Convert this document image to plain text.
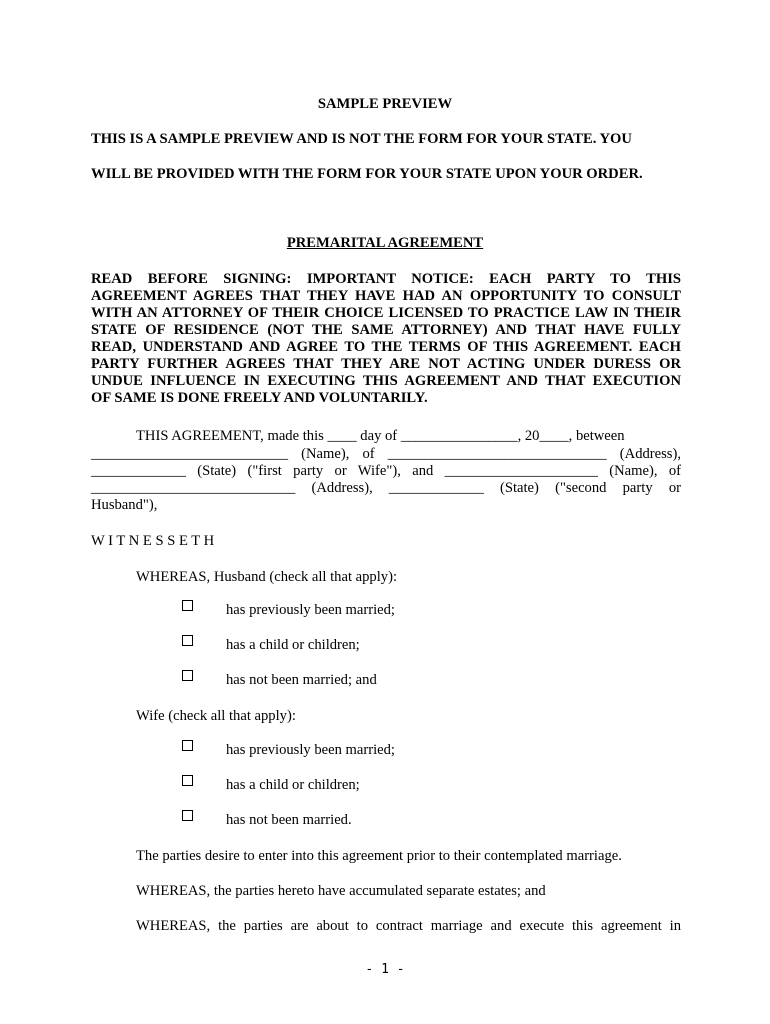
SAMPLE PREVIEW
THIS IS A SAMPLE PREVIEW AND IS NOT THE FORM FOR YOUR STATE. YOU
WILL BE PROVIDED WITH THE FORM FOR YOUR STATE UPON YOUR ORDER.
PREMARITAL AGREEMENT
READ BEFORE SIGNING: IMPORTANT NOTICE: EACH PARTY TO THIS
AGREEMENT AGREES THAT THEY HAVE HAD AN OPPORTUNITY TO CONSULT
WITH AN ATTORNEY OF THEIR CHOICE LICENSED TO PRACTICE LAW IN THEIR
STATE OF RESIDENCE (NOT THE SAME ATTORNEY) AND THAT HAVE FULLY
READ, UNDERSTAND AND AGREE TO THE TERMS OF THIS AGREEMENT. EACH
PARTY FURTHER AGREES THAT THEY ARE NOT ACTING UNDER DURESS OR
UNDUE INFLUENCE IN EXECUTING THIS AGREEMENT AND THAT EXECUTION
OF SAME IS DONE FREELY AND VOLUNTARILY.
THIS AGREEMENT, made this ____ day of ________________, 20____, between
___________________________ (Name), of ______________________________ (Address),
_____________ (State) ("first party or Wife"), and _____________________ (Name), of
____________________________ (Address), _____________ (State) ("second party or
Husband"),
W I T N E S S E T H
WHEREAS, Husband (check all that apply):
has previously been married;
has a child or children;
has not been married; and
Wife (check all that apply):
has previously been married;
has a child or children;
has not been married.
The parties desire to enter into this agreement prior to their contemplated marriage.
WHEREAS, the parties hereto have accumulated separate estates; and
WHEREAS, the parties are about to contract marriage and execute this agreement in
- 1 -
